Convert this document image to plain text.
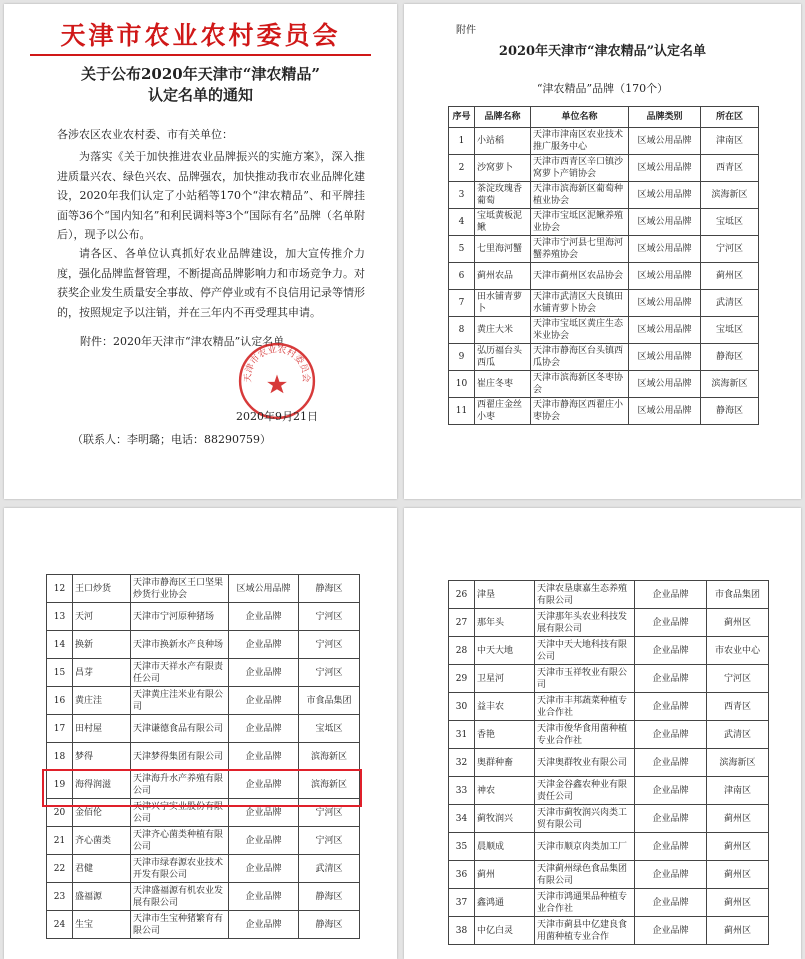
天津市农业农村委员会
关于公布2020年天津市“津农精品”
认定名单的通知
各涉农区农业农村委、市有关单位：
为落实《关于加快推进农业品牌振兴的实施方案》，深入推进质量兴农、绿色兴农、品牌强农，加快推动我市农业品牌化建设，2020年我们认定了小站稻等170个“津农精品”、和平牌挂面等36个“国内知名”和利民调料等3个“国际有名”品牌（名单附后），现予以公布。
请各区、各单位认真抓好农业品牌建设，加大宣传推介力度，强化品牌监督管理，不断提高品牌影响力和市场竞争力。对获奖企业发生质量安全事故、停产停业或有不良信用记录等情形的，按照规定予以注销，并在三年内不再受理其申请。
附件：2020年天津市“津农精品”认定名单
天津市农业农村委员会
2020年9月21日
（联系人：李明璐；电话：88290759）
附件
2020年天津市“津农精品”认定名单
“津农精品”品牌（170个）
序号	品牌名称	单位名称	品牌类别	所在区
1	小站稻	天津市津南区农业技术推广服务中心	区域公用品牌	津南区
2	沙窝萝卜	天津市西青区辛口镇沙窝萝卜产销协会	区域公用品牌	西青区
3	茶淀玫瑰香葡萄	天津市滨海新区葡萄种植业协会	区域公用品牌	滨海新区
4	宝坻黄板泥鳅	天津市宝坻区泥鳅养殖业协会	区域公用品牌	宝坻区
5	七里海河蟹	天津市宁河县七里海河蟹养殖协会	区域公用品牌	宁河区
6	蓟州农品	天津市蓟州区农品协会	区域公用品牌	蓟州区
7	田水铺青萝卜	天津市武清区大良镇田水铺青萝卜协会	区域公用品牌	武清区
8	黄庄大米	天津市宝坻区黄庄生态米业协会	区域公用品牌	宝坻区
9	弘历福台头西瓜	天津市静海区台头镇西瓜协会	区域公用品牌	静海区
10	崔庄冬枣	天津市滨海新区冬枣协会	区域公用品牌	滨海新区
11	西翟庄金丝小枣	天津市静海区西翟庄小枣协会	区域公用品牌	静海区
12	王口炒货	天津市静海区王口坚果炒货行业协会	区域公用品牌	静海区
13	天河	天津市宁河原种猪场	企业品牌	宁河区
14	换新	天津市换新水产良种场	企业品牌	宁河区
15	昌芽	天津市天祥水产有限责任公司	企业品牌	宁河区
16	黄庄洼	天津黄庄洼米业有限公司	企业品牌	市食品集团
17	田村屋	天津谦德食品有限公司	企业品牌	宝坻区
18	梦得	天津梦得集团有限公司	企业品牌	滨海新区
19	海得润滋	天津海升水产养殖有限公司	企业品牌	滨海新区
20	金佰伦	天津兴宁实业股份有限公司	企业品牌	宁河区
21	齐心菌类	天津齐心菌类种植有限公司	企业品牌	宁河区
22	君健	天津市绿春源农业技术开发有限公司	企业品牌	武清区
23	盛福源	天津盛福源有机农业发展有限公司	企业品牌	静海区
24	生宝	天津市生宝种猪繁育有限公司	企业品牌	静海区
26	津垦	天津农垦康嘉生态养殖有限公司	企业品牌	市食品集团
27	那年头	天津那年头农业科技发展有限公司	企业品牌	蓟州区
28	中天大地	天津中天大地科技有限公司	企业品牌	市农业中心
29	卫星河	天津市玉祥牧业有限公司	企业品牌	宁河区
30	益丰农	天津市丰邦蔬菜种植专业合作社	企业品牌	西青区
31	香艳	天津市俊华食用菌种植专业合作社	企业品牌	武清区
32	奥群种畜	天津奥群牧业有限公司	企业品牌	滨海新区
33	神农	天津金谷鑫农种业有限责任公司	企业品牌	津南区
34	蓟牧润兴	天津市蓟牧润兴肉类工贸有限公司	企业品牌	蓟州区
35	晨顺成	天津市顺京肉类加工厂	企业品牌	蓟州区
36	蓟州	天津蓟州绿色食品集团有限公司	企业品牌	蓟州区
37	鑫鸿通	天津市鸿通果品种植专业合作社	企业品牌	蓟州区
38	中亿白灵	天津市蓟县中亿建良食用菌种植专业合作	企业品牌	蓟州区
